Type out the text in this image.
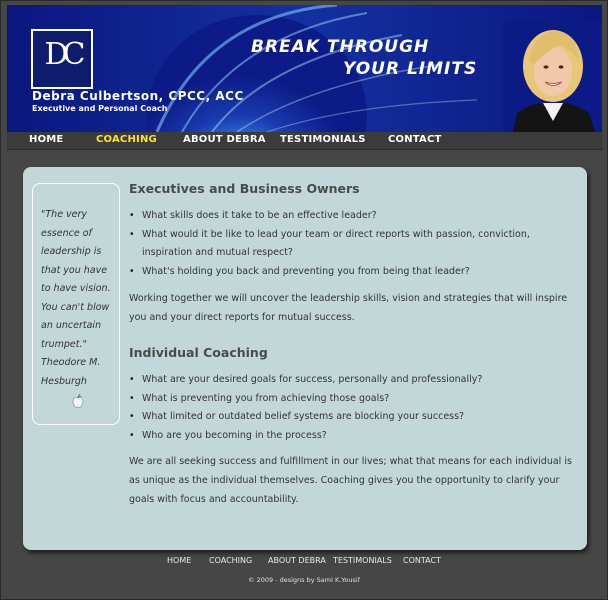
DC
Debra Culbertson, CPCC, ACC
Executive and Personal Coach
BREAK THROUGH
YOUR LIMITS
HOME	COACHING	ABOUT DEBRA TESTIMONIALS CONTACT
"The very essence of leadership is that you have to have vision. You can't blow an uncertain trumpet."
Theodore M. Hesburgh
Executives and Business Owners
• What skills does it take to be an effective leader?
• What would it be like to lead your team or direct reports with passion, conviction, inspiration and mutual respect?
• What's holding you back and preventing you from being that leader?

Working together we will uncover the leadership skills, vision and strategies that will inspire you and your direct reports for mutual success.

Individual Coaching
• What are your desired goals for success, personally and professionally?
• What is preventing you from achieving those goals?
• What limited or outdated belief systems are blocking your success?
• Who are you becoming in the process?

We are all seeking success and fulfillment in our lives; what that means for each individual is as unique as the individual themselves. Coaching gives you the opportunity to clarify your goals with focus and accountability.

HOME COACHING ABOUT DEBRA TESTIMONIALS CONTACT
© 2009 - designs by Sami K.Yousif
